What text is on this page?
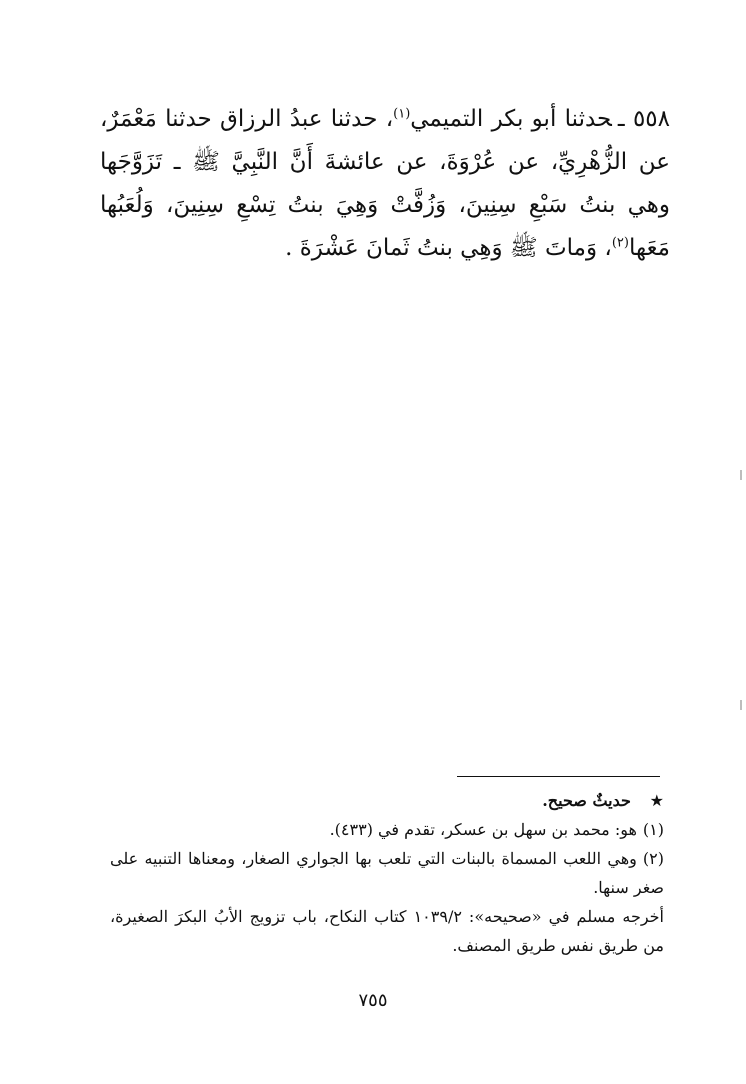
٥٥٨ ـحدثنا أبو بكر التميمي$^{(١)}$، حدثنا عبدُ الرزاق حدثنا مَعْمَرٌ، عن الزُّهْرِيِّ، عن عُرْوَةَ، عن عائشةَ أَنَّ النَّبِيَّ ﷺ ـ تَزَوَّجَها وهي بنتُ سَبْعِ سِنِينَ، وَزُفَّتْ وَهِيَ بنتُ تِسْعِ سِنِينَ، وَلُعَبُها مَعَها$^{(٢)}$، وَماتَ ﷺ وَهِي بنتُ ثَمانَ عَشْرَةَ .

★ حديثٌ صحيح.

(١)هو: محمد بن سهل بن عسكر، تقدم في (٤٣٣).

(٢)وهي اللعب المسماة بالبنات التي تلعب بها الجواري الصغار، ومعناها التنبيه على صغر سنها.

أخرجه مسلم في «صحيحه»: ١٠٣٩/٢ كتاب النكاح، باب تزويج الأبُ البكرَ الصغيرة، من طريق نفس طريق المصنف.

٧٥٥
